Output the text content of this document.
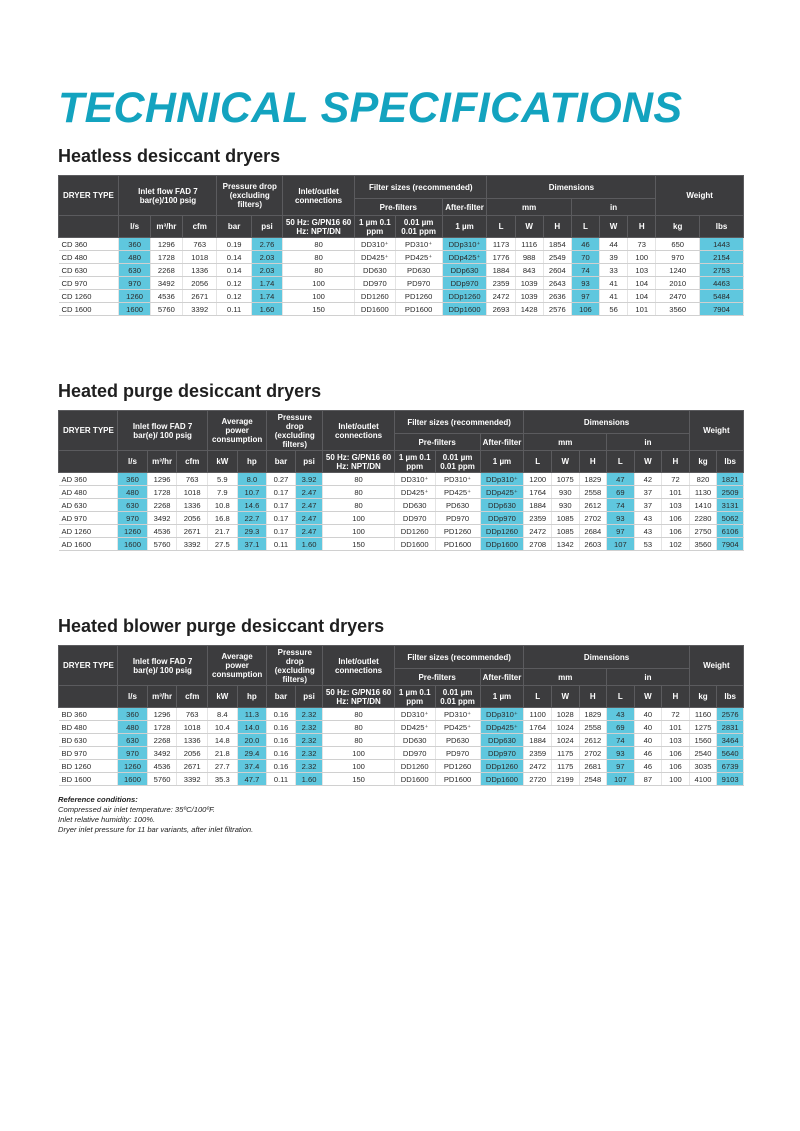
TECHNICAL SPECIFICATIONS
Heatless desiccant dryers
DRYER TYPE	Inlet flow FAD 7 bar(e)/100 psig			Pressure drop (excluding filters)		Inlet/outlet connections	Filter sizes (recommended)			Dimensions						Weight	
							Pre-filters		After-filter	mm			in				
	l/s	m³/hr	cfm	bar	psi	50 Hz: G/PN16 60 Hz: NPT/DN	1 µm 0.1 ppm	0.01 µm 0.01 ppm	1 µm	L	W	H	L	W	H	kg	lbs
CD 360	360	1296	763	0.19	2.76	80	DD310⁺	PD310⁺	DDp310⁺	1173	1116	1854	46	44	73	650	1443
CD 480	480	1728	1018	0.14	2.03	80	DD425⁺	PD425⁺	DDp425⁺	1776	988	2549	70	39	100	970	2154
CD 630	630	2268	1336	0.14	2.03	80	DD630	PD630	DDp630	1884	843	2604	74	33	103	1240	2753
CD 970	970	3492	2056	0.12	1.74	100	DD970	PD970	DDp970	2359	1039	2643	93	41	104	2010	4463
CD 1260	1260	4536	2671	0.12	1.74	100	DD1260	PD1260	DDp1260	2472	1039	2636	97	41	104	2470	5484
CD 1600	1600	5760	3392	0.11	1.60	150	DD1600	PD1600	DDp1600	2693	1428	2576	106	56	101	3560	7904
Heated purge desiccant dryers
DRYER TYPE	Inlet flow FAD 7 bar(e)/ 100 psig			Average power consumption		Pressure drop (excluding filters)		Inlet/outlet connections	Filter sizes (recommended)			Dimensions						Weight	
									Pre-filters		After-filter	mm			in				
	l/s	m³/hr	cfm	kW	hp	bar	psi	50 Hz: G/PN16 60 Hz: NPT/DN	1 µm 0.1 ppm	0.01 µm 0.01 ppm	1 µm	L	W	H	L	W	H	kg	lbs
AD 360	360	1296	763	5.9	8.0	0.27	3.92	80	DD310⁺	PD310⁺	DDp310⁺	1200	1075	1829	47	42	72	820	1821
AD 480	480	1728	1018	7.9	10.7	0.17	2.47	80	DD425⁺	PD425⁺	DDp425⁺	1764	930	2558	69	37	101	1130	2509
AD 630	630	2268	1336	10.8	14.6	0.17	2.47	80	DD630	PD630	DDp630	1884	930	2612	74	37	103	1410	3131
AD 970	970	3492	2056	16.8	22.7	0.17	2.47	100	DD970	PD970	DDp970	2359	1085	2702	93	43	106	2280	5062
AD 1260	1260	4536	2671	21.7	29.3	0.17	2.47	100	DD1260	PD1260	DDp1260	2472	1085	2684	97	43	106	2750	6106
AD 1600	1600	5760	3392	27.5	37.1	0.11	1.60	150	DD1600	PD1600	DDp1600	2708	1342	2603	107	53	102	3560	7904
Heated blower purge desiccant dryers
DRYER TYPE	Inlet flow FAD 7 bar(e)/ 100 psig			Average power consumption		Pressure drop (excluding filters)		Inlet/outlet connections	Filter sizes (recommended)			Dimensions						Weight	
									Pre-filters		After-filter	mm			in				
	l/s	m³/hr	cfm	kW	hp	bar	psi	50 Hz: G/PN16 60 Hz: NPT/DN	1 µm 0.1 ppm	0.01 µm 0.01 ppm	1 µm	L	W	H	L	W	H	kg	lbs
BD 360	360	1296	763	8.4	11.3	0.16	2.32	80	DD310⁺	PD310⁺	DDp310⁺	1100	1028	1829	43	40	72	1160	2576
BD 480	480	1728	1018	10.4	14.0	0.16	2.32	80	DD425⁺	PD425⁺	DDp425⁺	1764	1024	2558	69	40	101	1275	2831
BD 630	630	2268	1336	14.8	20.0	0.16	2.32	80	DD630	PD630	DDp630	1884	1024	2612	74	40	103	1560	3464
BD 970	970	3492	2056	21.8	29.4	0.16	2.32	100	DD970	PD970	DDp970	2359	1175	2702	93	46	106	2540	5640
BD 1260	1260	4536	2671	27.7	37.4	0.16	2.32	100	DD1260	PD1260	DDp1260	2472	1175	2681	97	46	106	3035	6739
BD 1600	1600	5760	3392	35.3	47.7	0.11	1.60	150	DD1600	PD1600	DDp1600	2720	2199	2548	107	87	100	4100	9103
Reference conditions:
Compressed air inlet temperature: 35ºC/100ºF.
Inlet relative humidity: 100%.
Dryer inlet pressure for 11 bar variants, after inlet filtration.
